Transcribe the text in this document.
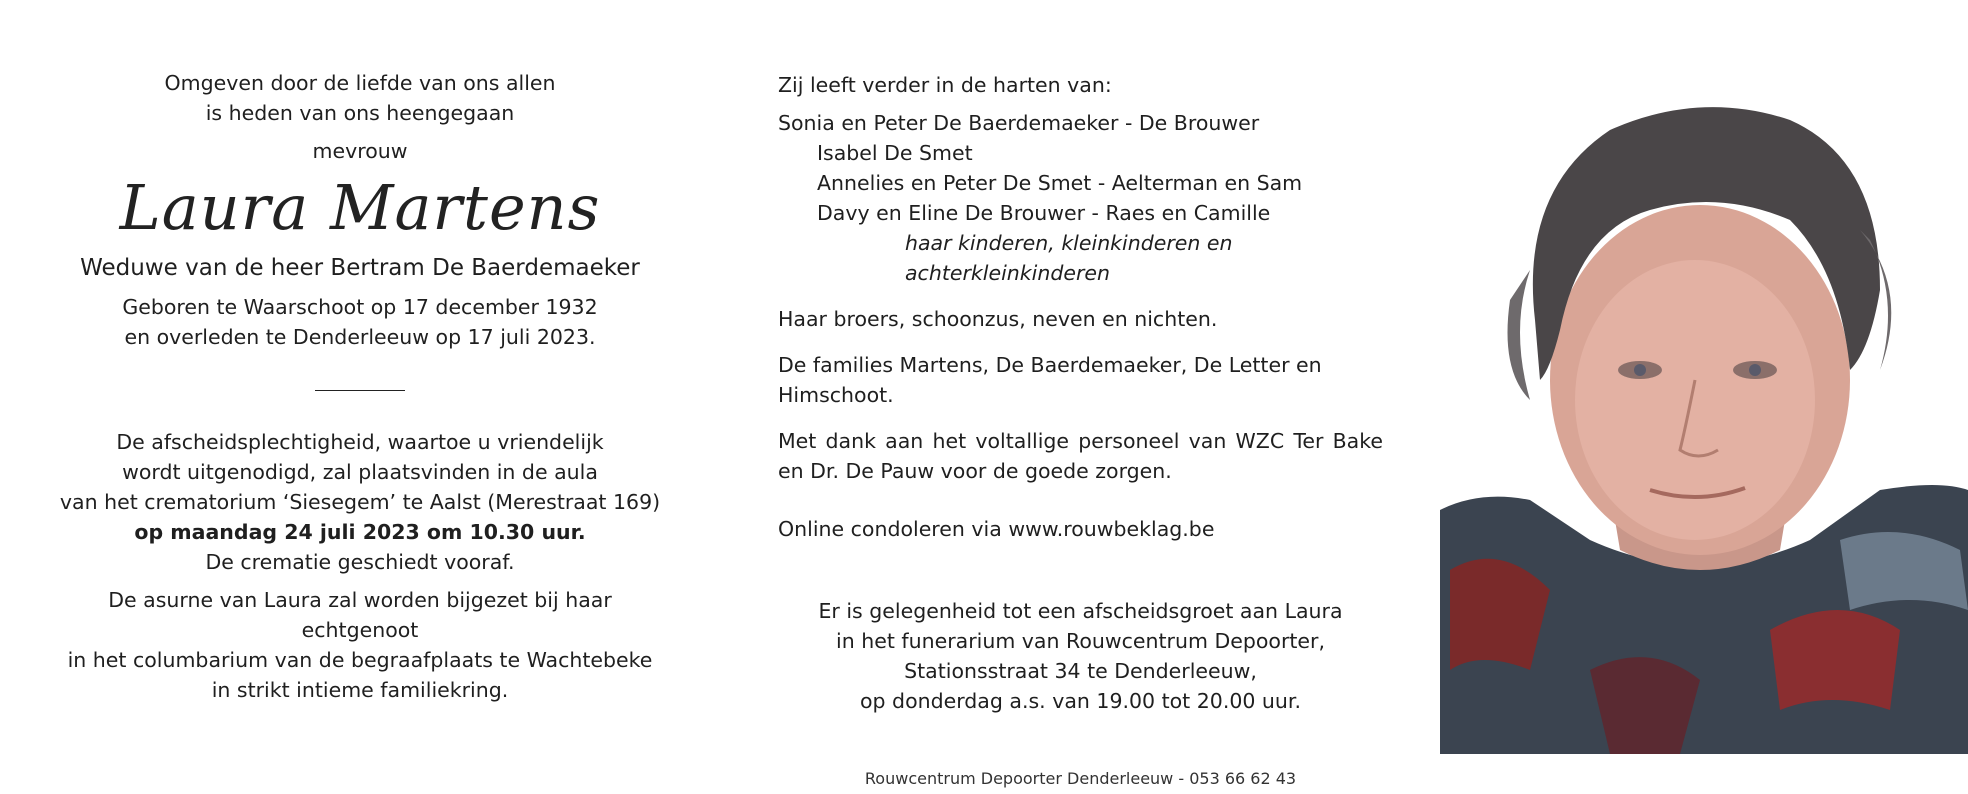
Omgeven door de liefde van ons allen

is heden van ons heengegaan

mevrouw

Laura Martens

Weduwe van de heer Bertram De Baerdemaeker

Geboren te Waarschoot op 17 december 1932

en overleden te Denderleeuw op 17 juli 2023.

De afscheidsplechtigheid, waartoe u vriendelijk

wordt uitgenodigd, zal plaatsvinden in de aula

van het crematorium ‘Siesegem’ te Aalst (Merestraat 169)

op maandag 24 juli 2023 om 10.30 uur.

De crematie geschiedt vooraf.

De asurne van Laura zal worden bijgezet bij haar echtgenoot

in het columbarium van de begraafplaats te Wachtebeke

in strikt intieme familiekring.

Zij leeft verder in de harten van:

Sonia en Peter De Baerdemaeker - De Brouwer

Isabel De Smet

Annelies en Peter De Smet - Aelterman en Sam

Davy en Eline De Brouwer - Raes en Camille

haar kinderen, kleinkinderen en achterkleinkinderen

Haar broers, schoonzus, neven en nichten.

De families Martens, De Baerdemaeker, De Letter en Himschoot.

Met dank aan het voltallige personeel van WZC Ter Bake en Dr. De Pauw voor de goede zorgen.

Online condoleren via www.rouwbeklag.be

Er is gelegenheid tot een afscheidsgroet aan Laura

in het funerarium van Rouwcentrum Depoorter,

Stationsstraat 34 te Denderleeuw,

op donderdag a.s. van 19.00 tot 20.00 uur.

Rouwcentrum Depoorter Denderleeuw - 053 66 62 43
